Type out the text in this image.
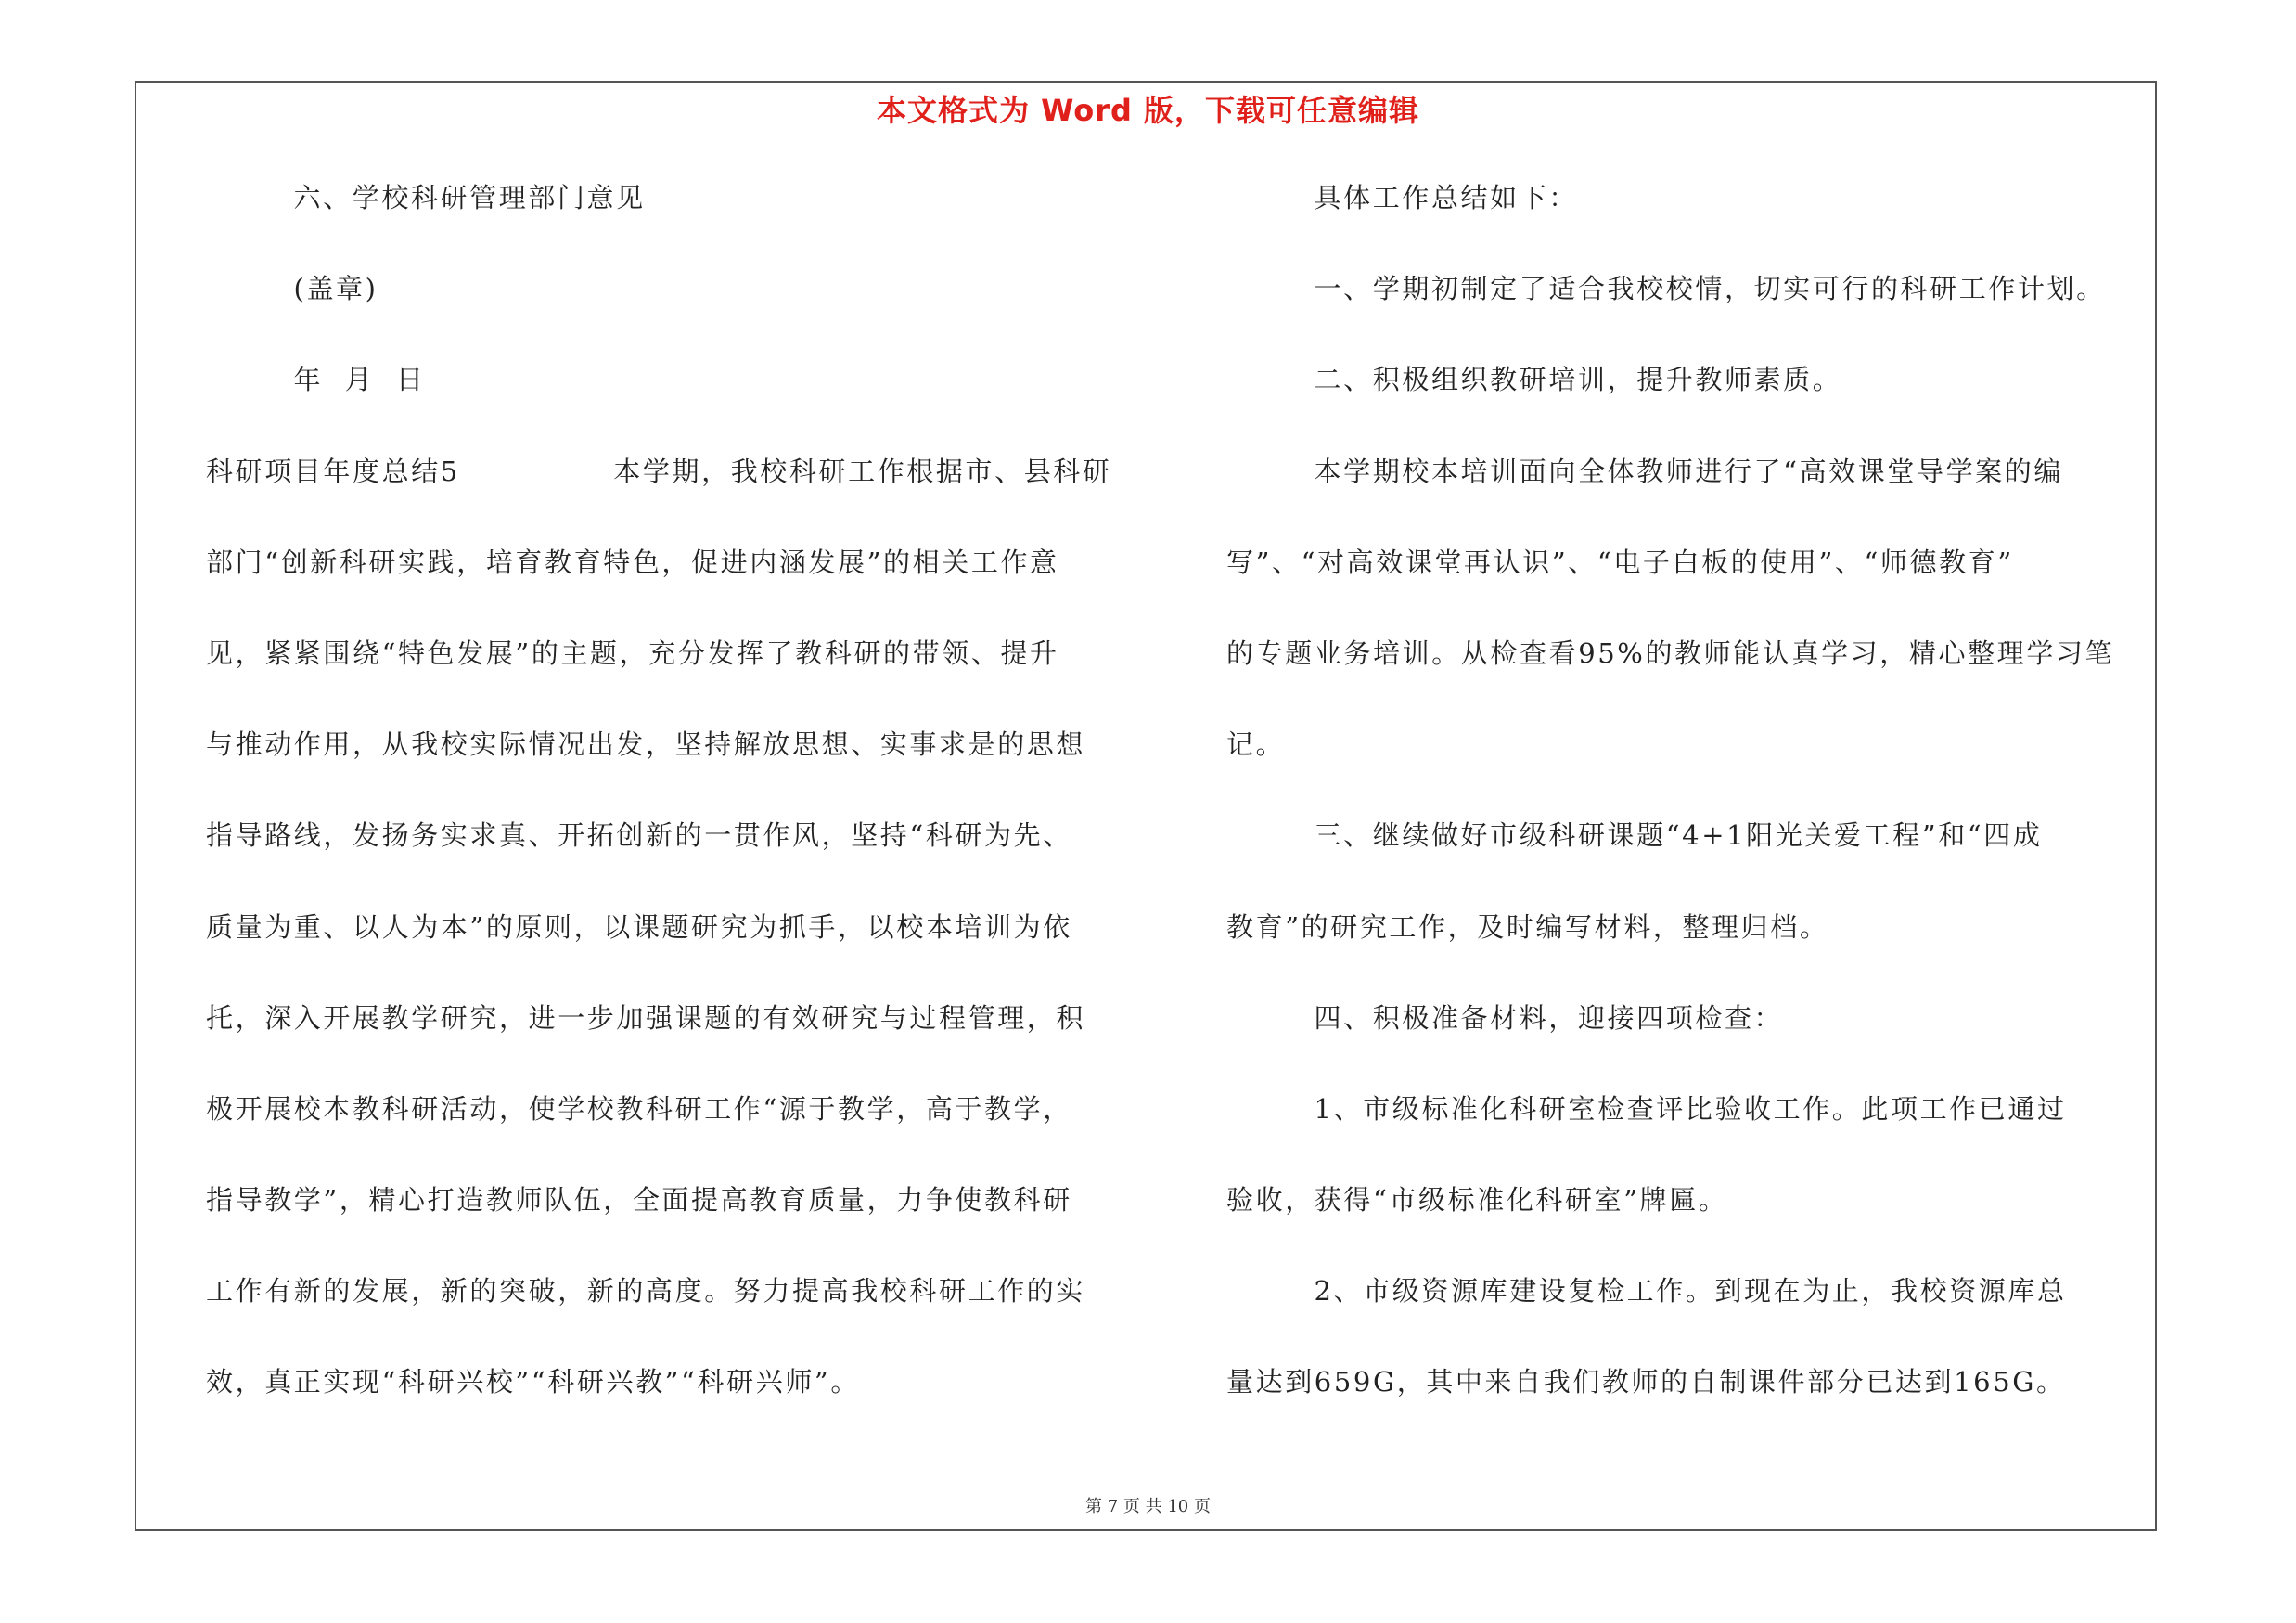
本文格式为 Word 版，下载可任意编辑
六、学校科研管理部门意见
(盖章)
年  月  日
科研项目年度总结5              本学期，我校科研工作根据市、县科研
部门“创新科研实践，培育教育特色，促进内涵发展”的相关工作意
见，紧紧围绕“特色发展”的主题，充分发挥了教科研的带领、提升
与推动作用，从我校实际情况出发，坚持解放思想、实事求是的思想
指导路线，发扬务实求真、开拓创新的一贯作风，坚持“科研为先、
质量为重、以人为本”的原则，以课题研究为抓手，以校本培训为依
托，深入开展教学研究，进一步加强课题的有效研究与过程管理，积
极开展校本教科研活动，使学校教科研工作“源于教学，高于教学，
指导教学”，精心打造教师队伍，全面提高教育质量，力争使教科研
工作有新的发展，新的突破，新的高度。努力提高我校科研工作的实
效，真正实现“科研兴校”“科研兴教”“科研兴师”。
具体工作总结如下：
一、学期初制定了适合我校校情，切实可行的科研工作计划。
二、积极组织教研培训，提升教师素质。
本学期校本培训面向全体教师进行了“高效课堂导学案的编
写”、“对高效课堂再认识”、“电子白板的使用”、“师德教育”
的专题业务培训。从检查看95%的教师能认真学习，精心整理学习笔
记。
三、继续做好市级科研课题“4+1阳光关爱工程”和“四成
教育”的研究工作，及时编写材料，整理归档。
四、积极准备材料，迎接四项检查：
1、市级标准化科研室检查评比验收工作。此项工作已通过
验收，获得“市级标准化科研室”牌匾。
2、市级资源库建设复检工作。到现在为止，我校资源库总
量达到659G，其中来自我们教师的自制课件部分已达到165G。
第 7 页 共 10 页
